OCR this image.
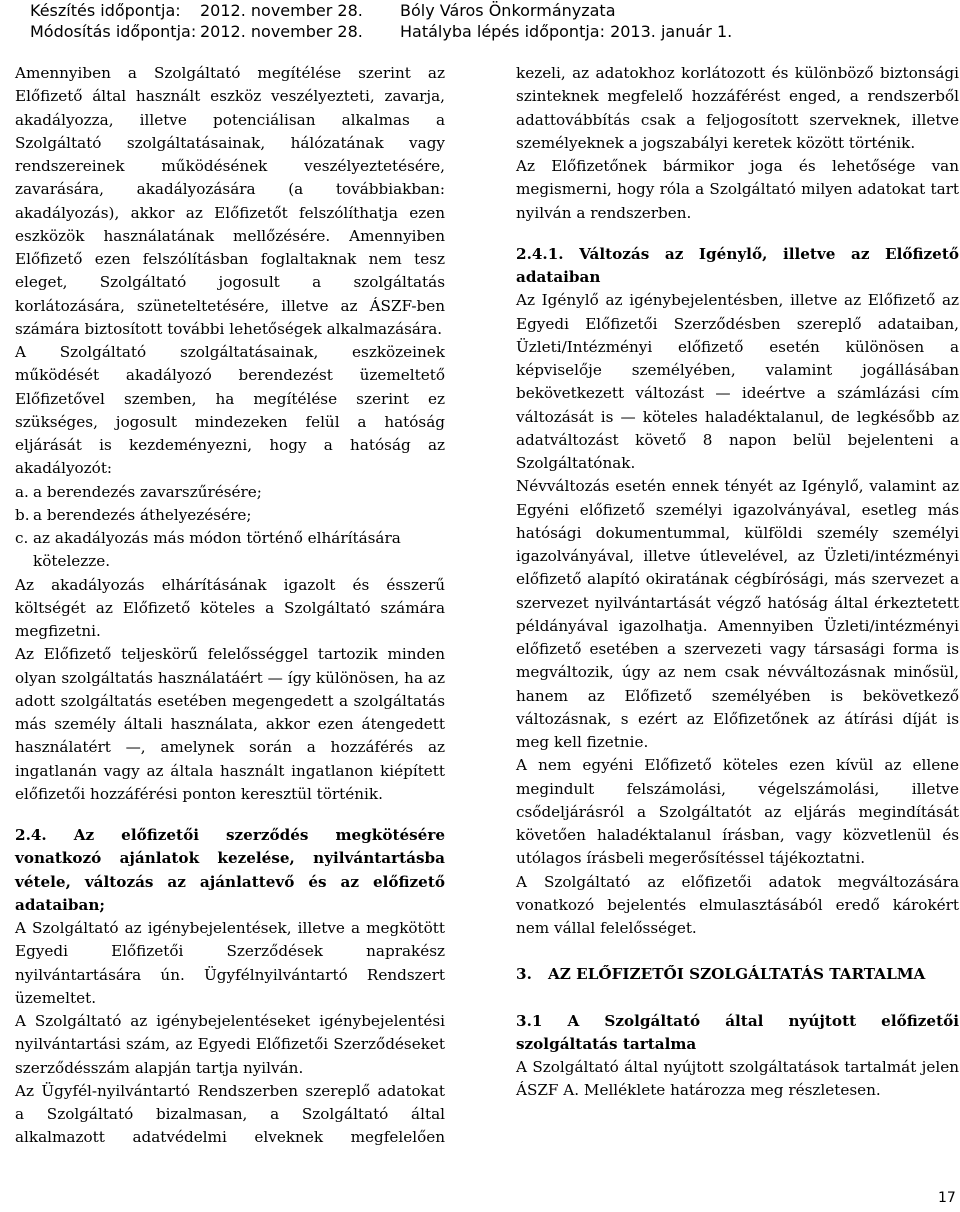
Készítés időpontja:	2012. november 28.	Bóly Város Önkormányzata
Módosítás időpontja: 2012. november 28.	Hatályba lépés időpontja: 2013. január 1.

Amennyiben a Szolgáltató megítélése szerint az Előfizető által használt eszköz veszélyezteti, zavarja, akadályozza, illetve potenciálisan alkalmas a Szolgáltató szolgáltatásainak, hálózatának vagy rendszereinek működésének veszélyeztetésére, zavarására, akadályozására (a továbbiakban: akadályozás), akkor az Előfizetőt felszólíthatja ezen eszközök használatának mellőzésére. Amennyiben Előfizető ezen felszólításban foglaltaknak nem tesz eleget, Szolgáltató jogosult a szolgáltatás korlátozására, szüneteltetésére, illetve az ÁSZF-ben számára biztosított további lehetőségek alkalmazására.

A Szolgáltató szolgáltatásainak, eszközeinek működését akadályozó berendezést üzemeltető Előfizetővel szemben, ha megítélése szerint ez szükséges, jogosult mindezeken felül a hatóság eljárását is kezdeményezni, hogy a hatóság az akadályozót:

a. a berendezés zavarszűrésére;
b. a berendezés áthelyezésére;
c. az akadályozás más módon történő elhárítására kötelezze.

Az akadályozás elhárításának igazolt és ésszerű költségét az Előfizető köteles a Szolgáltató számára megfizetni.

Az Előfizető teljeskörű felelősséggel tartozik minden olyan szolgáltatás használatáért — így különösen, ha az adott szolgáltatás esetében megengedett a szolgáltatás más személy általi használata, akkor ezen átengedett használatért —, amelynek során a hozzáférés az ingatlanán vagy az általa használt ingatlanon kiépített előfizetői hozzáférési ponton keresztül történik.

2.4. Az előfizetői szerződés megkötésére vonatkozó ajánlatok kezelése, nyilvántartásba vétele, változás az ajánlattevő és az előfizető adataiban;

A Szolgáltató az igénybejelentések, illetve a megkötött Egyedi Előfizetői Szerződések naprakész nyilvántartására ún. Ügyfélnyilvántartó Rendszert üzemeltet.

A Szolgáltató az igénybejelentéseket igénybejelentési nyilvántartási szám, az Egyedi Előfizetői Szerződéseket szerződésszám alapján tartja nyilván.

Az Ügyfél-nyilvántartó Rendszerben szereplő adatokat a Szolgáltató bizalmasan, a Szolgáltató által alkalmazott adatvédelmi elveknek megfelelően

kezeli, az adatokhoz korlátozott és különböző biztonsági szinteknek megfelelő hozzáférést enged, a rendszerből adattovábbítás csak a feljogosított szerveknek, illetve személyeknek a jogszabályi keretek között történik.

Az Előfizetőnek bármikor joga és lehetősége van megismerni, hogy róla a Szolgáltató milyen adatokat tart nyilván a rendszerben.

2.4.1. Változás az Igénylő, illetve az Előfizető adataiban

Az Igénylő az igénybejelentésben, illetve az Előfizető az Egyedi Előfizetői Szerződésben szereplő adataiban, Üzleti/Intézményi előfizető esetén különösen a képviselője személyében, valamint jogállásában bekövetkezett változást — ideértve a számlázási cím változását is — köteles haladéktalanul, de legkésőbb az adatváltozást követő 8 napon belül bejelenteni a Szolgáltatónak.

Névváltozás esetén ennek tényét az Igénylő, valamint az Egyéni előfizető személyi igazolványával, esetleg más hatósági dokumentummal, külföldi személy személyi igazolványával, illetve útlevelével, az Üzleti/intézményi előfizető alapító okiratának cégbírósági, más szervezet a szervezet nyilvántartását végző hatóság által érkeztetett példányával igazolhatja. Amennyiben Üzleti/intézményi előfizető esetében a szervezeti vagy társasági forma is megváltozik, úgy az nem csak névváltozásnak minősül, hanem az Előfizető személyében is bekövetkező változásnak, s ezért az Előfizetőnek az átírási díját is meg kell fizetnie.

A nem egyéni Előfizető köteles ezen kívül az ellene megindult felszámolási, végelszámolási, illetve csődeljárásról a Szolgáltatót az eljárás megindítását követően haladéktalanul írásban, vagy közvetlenül és utólagos írásbeli megerősítéssel tájékoztatni.

A Szolgáltató az előfizetői adatok megváltozására vonatkozó bejelentés elmulasztásából eredő károkért nem vállal felelősséget.

3.	AZ ELŐFIZETŐI SZOLGÁLTATÁS TARTALMA

3.1 A Szolgáltató által nyújtott előfizetői szolgáltatás tartalma

A Szolgáltató által nyújtott szolgáltatások tartalmát jelen ÁSZF A. Melléklete határozza meg részletesen.

17
